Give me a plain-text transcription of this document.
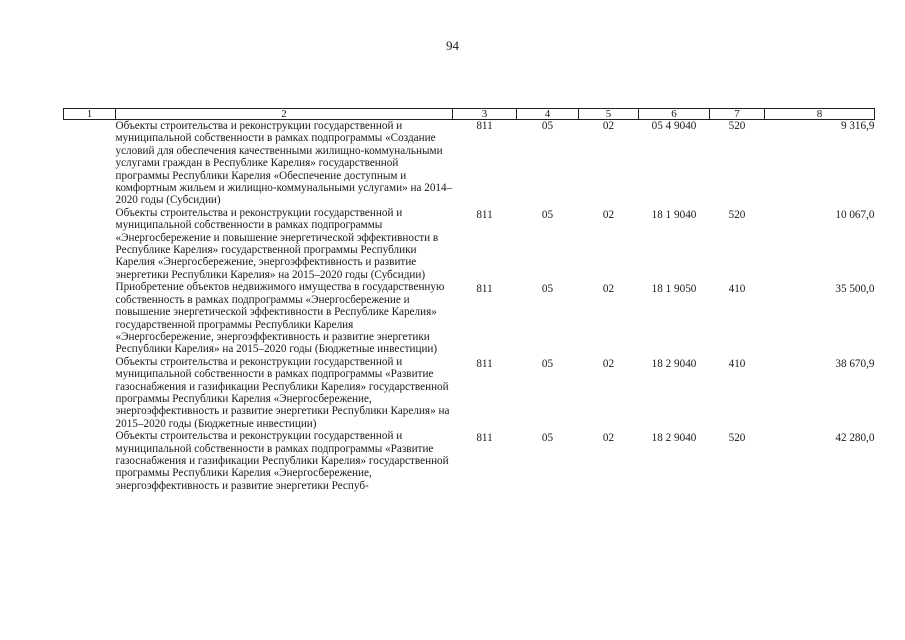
94
1	2	3	4	5	6	7	8
	Объекты строительства и реконструкции государственной и муниципальной собственности в рамках подпрограммы «Создание условий для обеспечения качественными жилищно-коммунальными услугами граждан в Республике Карелия» государственной программы Республики Карелия «Обеспечение доступным и комфортным жильем и жилищно-коммунальными услугами» на 2014–2020 годы (Субсидии)	811	05	02	05 4 9040	520	9 316,9
	Объекты строительства и реконструкции государственной и муниципальной собственности в рамках подпрограммы «Энергосбережение и повышение энергетической эффективности в Республике Карелия» государственной программы Республики Карелия «Энергосбережение, энергоэффективность и развитие энергетики Республики Карелия» на 2015–2020 годы (Субсидии)	811	05	02	18 1 9040	520	10 067,0
	Приобретение объектов недвижимого имущества в государственную собственность в рамках подпрограммы «Энергосбережение и повышение энергетической эффективности в Республике Карелия» государственной программы Республики Карелия «Энергосбережение, энергоэффективность и развитие энергетики Республики Карелия» на 2015–2020 годы (Бюджетные инвестиции)	811	05	02	18 1 9050	410	35 500,0
	Объекты строительства и реконструкции государственной и муниципальной собственности в рамках подпрограммы «Развитие газоснабжения и газификации Республики Карелия» государственной программы Республики Карелия «Энергосбережение, энергоэффективность и развитие энергетики Республики Карелия» на 2015–2020 годы (Бюджетные инвестиции)	811	05	02	18 2 9040	410	38 670,9
	Объекты строительства и реконструкции государственной и муниципальной собственности в рамках подпрограммы «Развитие газоснабжения и газификации Республики Карелия» государственной программы Республики Карелия «Энергосбережение, энергоэффективность и развитие энергетики Респуб-	811	05	02	18 2 9040	520	42 280,0
